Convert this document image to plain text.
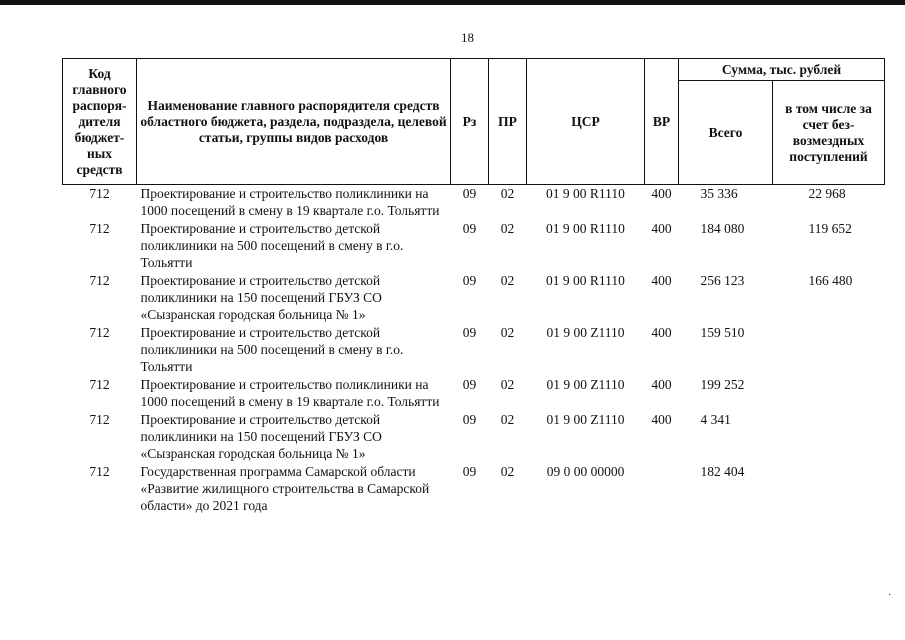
18
Код главного распоря-дителя бюджет-ных средств	Наименование главного распорядителя средств областного бюджета, раздела, подраздела, целевой статьи, группы видов расходов	Рз	ПР	ЦСР	ВР	Сумма, тыс. рублей	
						Всего	в том числе за счет без-возмездных поступлений
712	Проектирование и строительство поликлиники на 1000 посещений в смену в 19 квартале г.о. Тольятти	09	02	01 9 00 R1110	400	35 336	22 968
712	Проектирование и строительство детской поликлиники на 500 посещений в смену в г.о. Тольятти	09	02	01 9 00 R1110	400	184 080	119 652
712	Проектирование и строительство детской поликлиники на 150 посещений ГБУЗ СО «Сызранская городская больница № 1»	09	02	01 9 00 R1110	400	256 123	166 480
712	Проектирование и строительство детской поликлиники на 500 посещений в смену в г.о. Тольятти	09	02	01 9 00 Z1110	400	159 510	
712	Проектирование и строительство поликлиники на 1000 посещений в смену в 19 квартале г.о. Тольятти	09	02	01 9 00 Z1110	400	199 252	
712	Проектирование и строительство детской поликлиники на 150 посещений ГБУЗ СО «Сызранская городская больница № 1»	09	02	01 9 00 Z1110	400	4 341	
712	Государственная программа Самарской области «Развитие жилищного строительства в Самарской области» до 2021 года	09	02	09 0 00 00000		182 404	
·
